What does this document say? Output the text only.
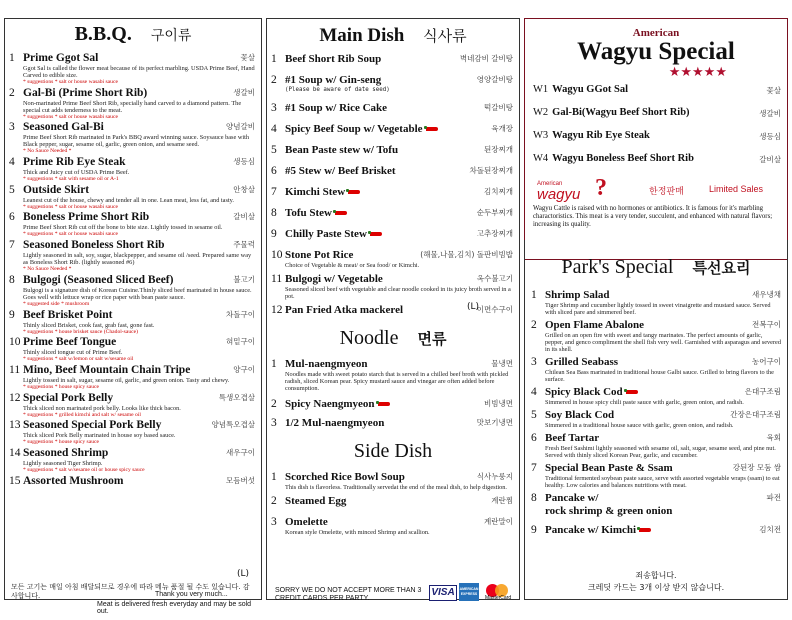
B.B.Q. 구이류
1 Prime Ggot Sal	꽃살
Ggot Sal is called the flower meat because of its perfect marbling. USDA Prime Beef, Hand Carved to edible size.
* suggestions * salt or house wasabi sauce
2 Gal-Bi (Prime Short Rib)	생갈비
Non-marinated Prime Beef Short Rib, specially hand carved to a diamond pattern. The special cut adds tenderness to the meat.
* suggestions * salt or house wasabi sauce
3 Seasoned Gal-Bi	양념갈비
Prime Beef Short Rib marinated in Park's BBQ award winning sauce. Soysauce base with Black pepper, sugar, sesame oil, garlic, green onion, and sesame seed.
* No Sauce Needed *
4 Prime Rib Eye Steak	생등심
Thick and Juicy cut of USDA Prime Beef.
* suggestions * salt with sesame oil or A-1
5 Outside Skirt	안창살
Leanest cut of the house, chewy and tender all in one. Lean meat, less fat, and tasty.
* suggestions * salt or house wasabi sauce
6 Boneless Prime Short Rib	갈비살
Prime Beef Short Rib cut off the bone to bite size. Lightly tossed in sesame oil.
* suggestions * salt or house wasabi sauce
7 Seasoned Boneless Short Rib	주물럭
Lightly seasoned in salt, soy, sugar, blackpepper, and sesame oil /seed. Prepared same way as Boneless Short Rib. (lightly seasoned #6)
* No Sauce Needed *
8 Bulgogi (Seasoned Sliced Beef)	불고기
Bulgogi is a signature dish of Korean Cuisine.Thinly sliced beef marinated in house sauce. Goes well with lettuce wrap or rice paper with bean paste sauce.
* suggested side * mushroom
9 Beef Brisket Point	차돌구이
Thinly sliced Brisket, cook fast, grab fast, gone fast.
* suggestions * house brisket sauce (Chadol-sauce)
10 Prime Beef Tongue	혀밑구이
Thinly sliced tongue cut of Prime Beef.
* suggestions * salt w/lemon or salt w/sesame oil
11 Mino, Beef Mountain Chain Tripe	양구이
Lightly tossed in salt, sugar, sesame oil, garlic, and green onion. Tasty and chewy.
* suggestions * house spicy sauce
12 Special Pork Belly	특생오겹살
Thick sliced non marinated pork belly. Looks like thick bacon.
* suggestions * grilled kimchi and salt w/ sesame oil
13 Seasoned Special Pork Belly	양념특오겹살
Thick sliced Pork Belly marinated in house soy based sauce.
* suggestions * house spicy sauce
14 Seasoned Shrimp	새우구이
Lightly seasoned Tiger Shrimp.
* suggestions * salt w/sesame oil or house spicy sauce
15 Assorted Mushroom	모듬버섯
(L)
모든 고기는 매일 아침 배달되므로 경우에 따라 메뉴 품절 될 수도 있습니다. 감사합니다.	Thank you very much...
Meat is delivered fresh everyday and may be sold out.
Main Dish 식사류
1 Beef Short Rib Soup	벽네감비 갈비탕
2 #1 Soup w/ Gin-seng	영양갈비탕
(Please be aware of date seed)
3 #1 Soup w/ Rice Cake	떡갈비탕
4 Spicy Beef Soup w/ Vegetable	육개장
5 Bean Paste stew w/ Tofu	된장찌개
6 #5 Stew w/ Beef Brisket	차돌된장찌개
7 Kimchi Stew	김치찌개
8 Tofu Stew	순두부찌개
9 Chilly Paste Stew	고추장찌개
10 Stone Pot Rice	(해물,나물,김치) 돌판비빔밥
Choice of Vegetable & meat/ or Sea food/ or Kimchi.
11 Bulgogi w/ Vegetable	옥수불고기
Seasoned sliced beef with vegetable and clear noodle cooked in its juicy broth served in a pot.
12 Pan Fried Atka mackerel	이면수구이
Noodle 면류
1 Mul-naengmyeon	물냉면
Noodles made with sweet potato starch that is served in a chilled beef broth with pickled radish, sliced Korean pear. Spicy mustard sauce and vinegar are often added before consumption.
2 Spicy Naengmyeon	비빔냉면
3 1/2 Mul-naengmyeon	맛보기냉면
Side Dish
1 Scorched Rice Bowl Soup	식사누룽지
This dish is flavorless. Traditionally servedat the end of the meal dish, to help digestion.
2 Steamed Egg	계란찜
3 Omelette	계란말이
Korean style Omelette, with minced Shrimp and scallion.
SORRY WE DO NOT ACCEPT MORE THAN 3 CREDIT CARDS PER PARTY.
VISA	AMERICAN EXPRESS
MasterCard
(L)
American
Wagyu Special
★★★★★
W1 Wagyu GGot Sal	꽃살
W2 Gal-Bi(Wagyu Beef Short Rib)	생갈비
W3 Wagyu Rib Eye Steak	생등심
W4 Wagyu Boneless Beef Short Rib	갈비살
American
wagyu ?	한정판매	Limited Sales
Wagyu Cattle is raised with no hormones or antibiotics. It is famous for it's marbling charactoristics. This meat is a very tender, succulent, and enhanced with natural flavors; increasing its quality.
Park's Special 특선요리
1 Shrimp Salad	새우냉채
Tiger Shrimp and cucumber lightly tossed in sweet vinaigrette and mustard sauce. Served with sliced pare and simmered beef.
2 Open Flame Abalone	전복구이
Grilled on an open fire with sweet and tangy marinates. The perfect amounts of garlic, pepper, and genco compliment the shell fish very well. Garnished with asparagus and severed in its shell.
3 Grilled Seabass	농어구이
Chilean Sea Bass marinated in traditional house Galbi sauce. Grilled to bring flavors to the surface.
4 Spicy Black Cod	은대구조림
Simmered in house spicy chili paste sauce with garlic, green onion, and radish.
5 Soy Black Cod	간장은대구조림
Simmered in a traditional house sauce with garlic, green onion, and radish.
6 Beef Tartar	육회
Fresh Beef Sashimi lightly seasoned with sesame oil, salt, sugar, sesame seed, and pine nut. Served with thinly sliced Korean Pear, garlic, and cucumber.
7 Special Bean Paste & Ssam	강된장 모둠 쌈
Traditional fermented soybean paste sauce, serve with assorted vegetable wraps (ssam) to eat healthy. Low calories and balances nutritions with meat.
8 Pancake w/
rock shrimp & green onion
파전
9 Pancake w/ Kimchi	김치전
죄송합니다.
크레딧 카드는 3개 이상 받지 않습니다.
